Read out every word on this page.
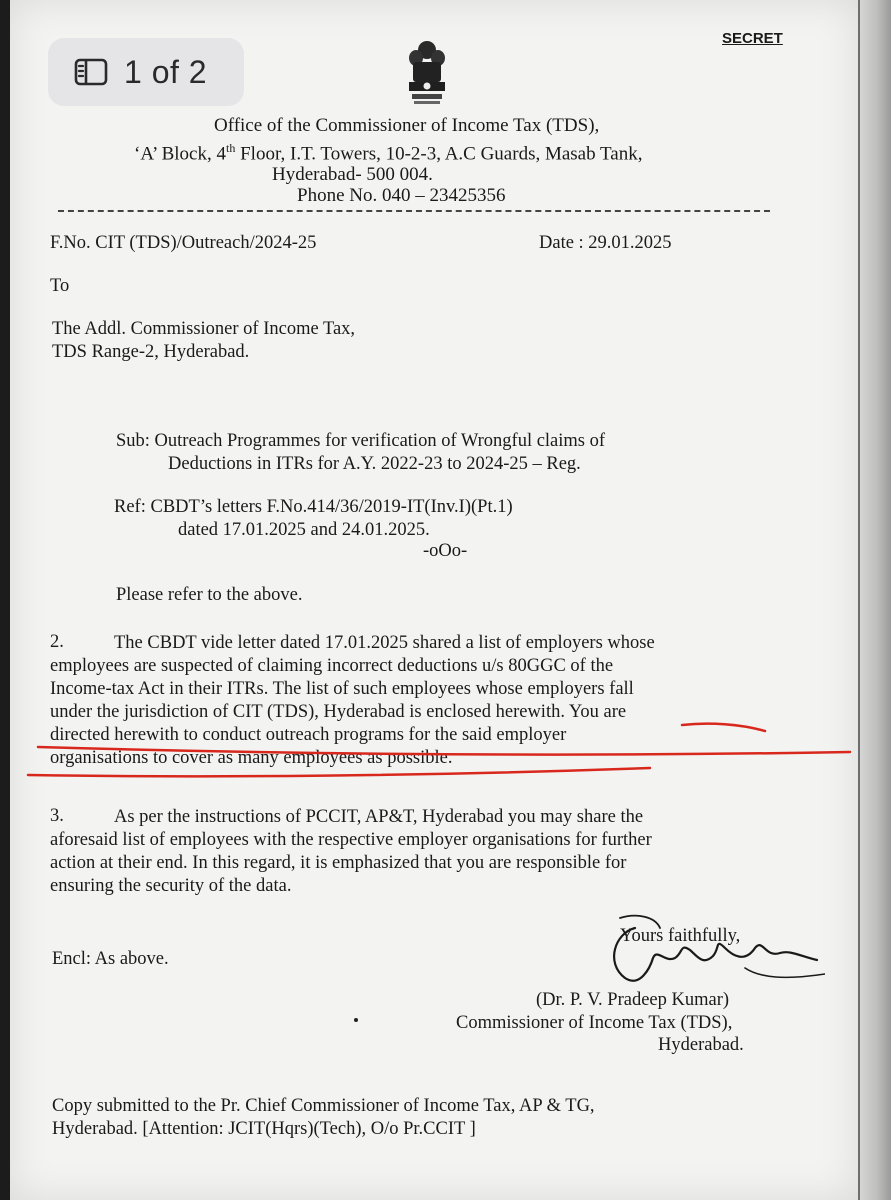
SECRET
Office of the Commissioner of Income Tax (TDS),
‘A’ Block, 4th Floor, I.T. Towers, 10-2-3, A.C Guards, Masab Tank,
Hyderabad- 500 004.
Phone No. 040 – 23425356
F.No. CIT (TDS)/Outreach/2024-25	Date : 29.01.2025
To
The Addl. Commissioner of Income Tax,
TDS Range-2, Hyderabad.
Sub: Outreach Programmes for verification of Wrongful claims of
Deductions in ITRs for A.Y. 2022-23 to 2024-25 – Reg.
Ref: CBDT’s letters F.No.414/36/2019-IT(Inv.I)(Pt.1)
dated 17.01.2025 and 24.01.2025.
-oOo-
Please refer to the above.
2.	The CBDT vide letter dated 17.01.2025 shared a list of employers whose
employees are suspected of claiming incorrect deductions u/s 80GGC of the
Income-tax Act in their ITRs. The list of such employees whose employers fall
under the jurisdiction of CIT (TDS), Hyderabad is enclosed herewith. You are
directed herewith to conduct outreach programs for the said employer
organisations to cover as many employees as possible.
3.	As per the instructions of PCCIT, AP&T, Hyderabad you may share the
aforesaid list of employees with the respective employer organisations for further
action at their end. In this regard, it is emphasized that you are responsible for
ensuring the security of the data.
Yours faithfully,
Encl: As above.
(Dr. P. V. Pradeep Kumar)
Commissioner of Income Tax (TDS),
Hyderabad.
Copy submitted to the Pr. Chief Commissioner of Income Tax, AP & TG,
Hyderabad. [Attention: JCIT(Hqrs)(Tech), O/o Pr.CCIT ]
1 of 2
